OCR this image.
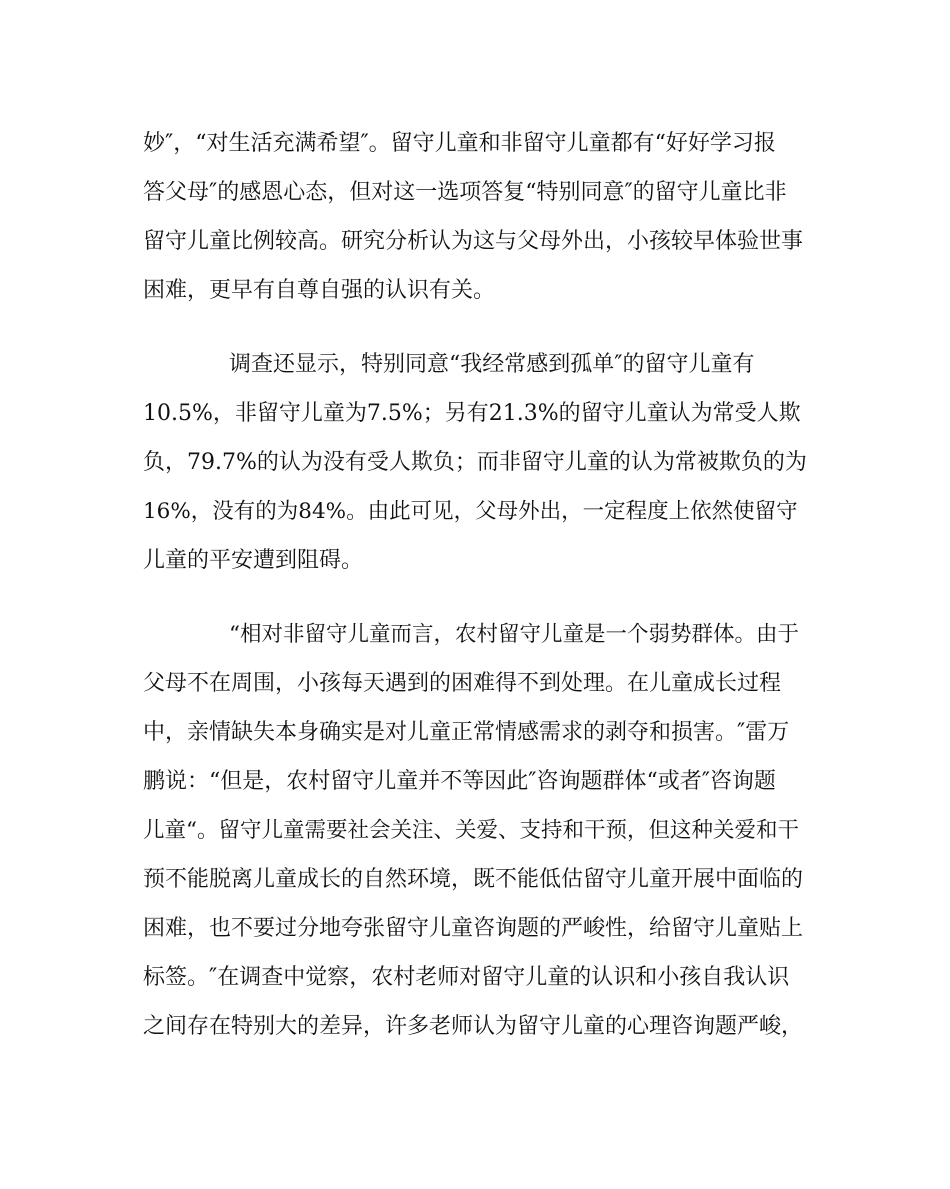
妙″，“对生活充满希望″。留守儿童和非留守儿童都有“好好学习报
答父母″的感恩心态，但对这一选项答复“特别同意″的留守儿童比非
留守儿童比例较高。研究分析认为这与父母外出，小孩较早体验世事
困难，更早有自尊自强的认识有关。
调查还显示，特别同意“我经常感到孤单″的留守儿童有
10.5%，非留守儿童为7.5%；另有21.3%的留守儿童认为常受人欺
负，79.7%的认为没有受人欺负；而非留守儿童的认为常被欺负的为
16%，没有的为84%。由此可见，父母外出，一定程度上依然使留守
儿童的平安遭到阻碍。
“相对非留守儿童而言，农村留守儿童是一个弱势群体。由于
父母不在周围，小孩每天遇到的困难得不到处理。在儿童成长过程
中，亲情缺失本身确实是对儿童正常情感需求的剥夺和损害。″雷万
鹏说：“但是，农村留守儿童并不等因此″咨询题群体“或者″咨询题
儿童“。留守儿童需要社会关注、关爱、支持和干预，但这种关爱和干
预不能脱离儿童成长的自然环境，既不能低估留守儿童开展中面临的
困难，也不要过分地夸张留守儿童咨询题的严峻性，给留守儿童贴上
标签。″在调查中觉察，农村老师对留守儿童的认识和小孩自我认识
之间存在特别大的差异，许多老师认为留守儿童的心理咨询题严峻，
